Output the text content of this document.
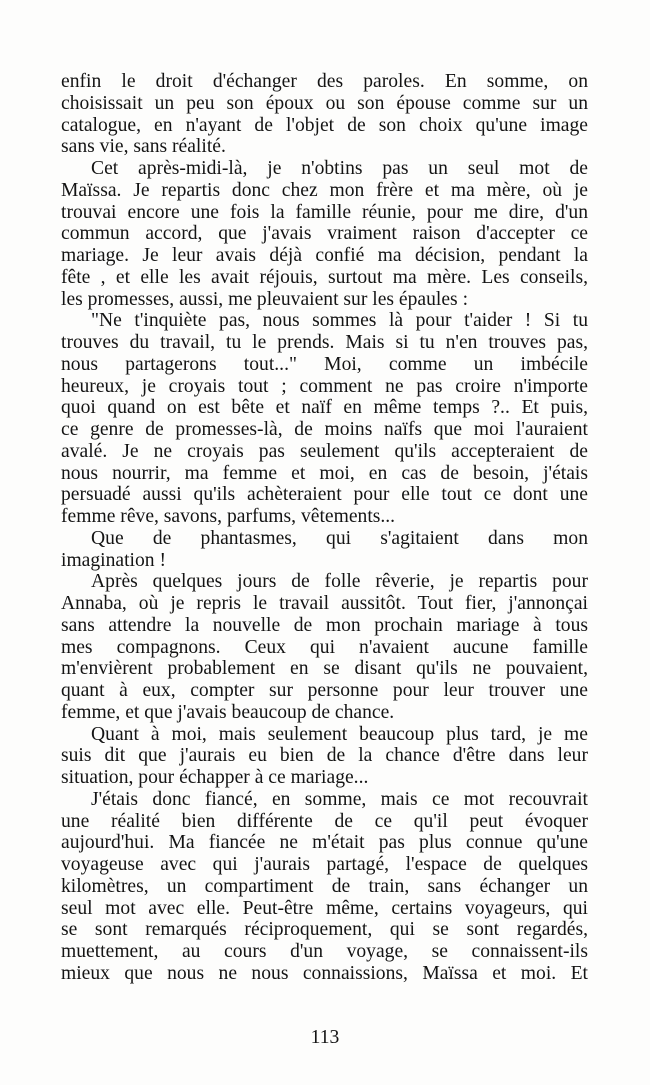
enfin le droit d'échanger des paroles. En somme, on
choisissait un peu son époux ou son épouse comme sur un
catalogue, en n'ayant de l'objet de son choix qu'une image
sans vie, sans réalité.
Cet après-midi-là, je n'obtins pas un seul mot de
Maïssa. Je repartis donc chez mon frère et ma mère, où je
trouvai encore une fois la famille réunie, pour me dire, d'un
commun accord, que j'avais vraiment raison d'accepter ce
mariage. Je leur avais déjà confié ma décision, pendant la
fête , et elle les avait réjouis, surtout ma mère. Les conseils,
les promesses, aussi, me pleuvaient sur les épaules :
"Ne t'inquiète pas, nous sommes là pour t'aider ! Si tu
trouves du travail, tu le prends. Mais si tu n'en trouves pas,
nous partagerons tout..." Moi, comme un imbécile
heureux, je croyais tout ; comment ne pas croire n'importe
quoi quand on est bête et naïf en même temps ?.. Et puis,
ce genre de promesses-là, de moins naïfs que moi l'auraient
avalé. Je ne croyais pas seulement qu'ils accepteraient de
nous nourrir, ma femme et moi, en cas de besoin, j'étais
persuadé aussi qu'ils achèteraient pour elle tout ce dont une
femme rêve, savons, parfums, vêtements...
Que de phantasmes, qui s'agitaient dans mon
imagination !
Après quelques jours de folle rêverie, je repartis pour
Annaba, où je repris le travail aussitôt. Tout fier, j'annonçai
sans attendre la nouvelle de mon prochain mariage à tous
mes compagnons. Ceux qui n'avaient aucune famille
m'envièrent probablement en se disant qu'ils ne pouvaient,
quant à eux, compter sur personne pour leur trouver une
femme, et que j'avais beaucoup de chance.
Quant à moi, mais seulement beaucoup plus tard, je me
suis dit que j'aurais eu bien de la chance d'être dans leur
situation, pour échapper à ce mariage...
J'étais donc fiancé, en somme, mais ce mot recouvrait
une réalité bien différente de ce qu'il peut évoquer
aujourd'hui. Ma fiancée ne m'était pas plus connue qu'une
voyageuse avec qui j'aurais partagé, l'espace de quelques
kilomètres, un compartiment de train, sans échanger un
seul mot avec elle. Peut-être même, certains voyageurs, qui
se sont remarqués réciproquement, qui se sont regardés,
muettement, au cours d'un voyage, se connaissent-ils
mieux que nous ne nous connaissions, Maïssa et moi. Et
113
